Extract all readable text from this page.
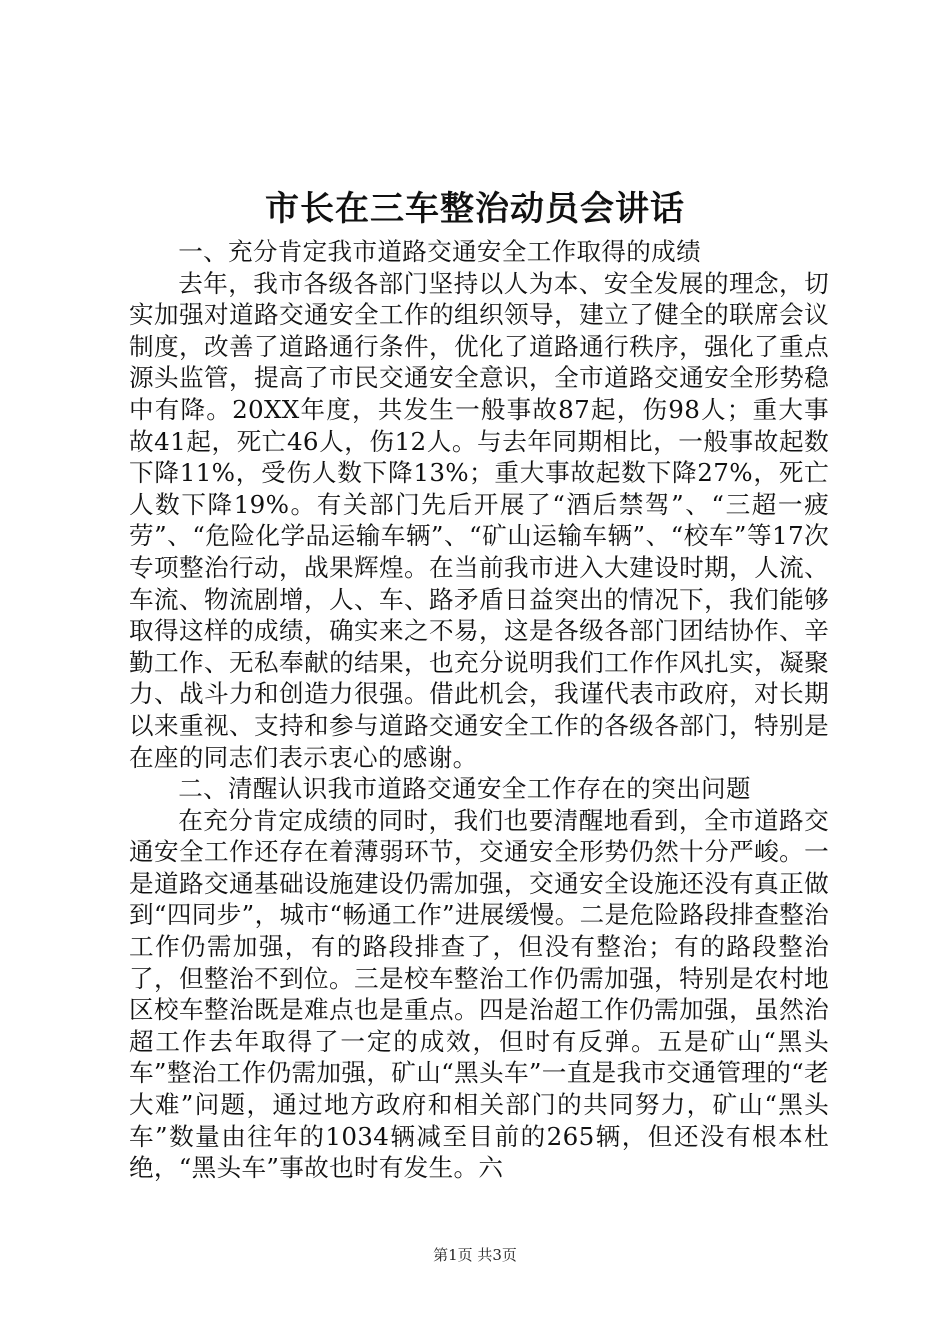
市长在三车整治动员会讲话

一、充分肯定我市道路交通安全工作取得的成绩

去年，我市各级各部门坚持以人为本、安全发展的理念，切实加强对道路交通安全工作的组织领导，建立了健全的联席会议制度，改善了道路通行条件，优化了道路通行秩序，强化了重点源头监管，提高了市民交通安全意识，全市道路交通安全形势稳中有降。20XX年度，共发生一般事故87起，伤98人；重大事故41起，死亡46人，伤12人。与去年同期相比，一般事故起数下降11%，受伤人数下降13%；重大事故起数下降27%，死亡人数下降19%。有关部门先后开展了“酒后禁驾”、“三超一疲劳”、“危险化学品运输车辆”、“矿山运输车辆”、“校车”等17次专项整治行动，战果辉煌。在当前我市进入大建设时期，人流、车流、物流剧增，人、车、路矛盾日益突出的情况下，我们能够取得这样的成绩，确实来之不易，这是各级各部门团结协作、辛勤工作、无私奉献的结果，也充分说明我们工作作风扎实，凝聚力、战斗力和创造力很强。借此机会，我谨代表市政府，对长期以来重视、支持和参与道路交通安全工作的各级各部门，特别是在座的同志们表示衷心的感谢。

二、清醒认识我市道路交通安全工作存在的突出问题

在充分肯定成绩的同时，我们也要清醒地看到，全市道路交通安全工作还存在着薄弱环节，交通安全形势仍然十分严峻。一是道路交通基础设施建设仍需加强，交通安全设施还没有真正做到“四同步”，城市“畅通工作”进展缓慢。二是危险路段排查整治工作仍需加强，有的路段排查了，但没有整治；有的路段整治了，但整治不到位。三是校车整治工作仍需加强，特别是农村地区校车整治既是难点也是重点。四是治超工作仍需加强，虽然治超工作去年取得了一定的成效，但时有反弹。五是矿山“黑头车”整治工作仍需加强，矿山“黑头车”一直是我市交通管理的“老大难”问题，通过地方政府和相关部门的共同努力，矿山“黑头车”数量由往年的1034辆减至目前的265辆，但还没有根本杜绝，“黑头车”事故也时有发生。六

第1页 共3页
